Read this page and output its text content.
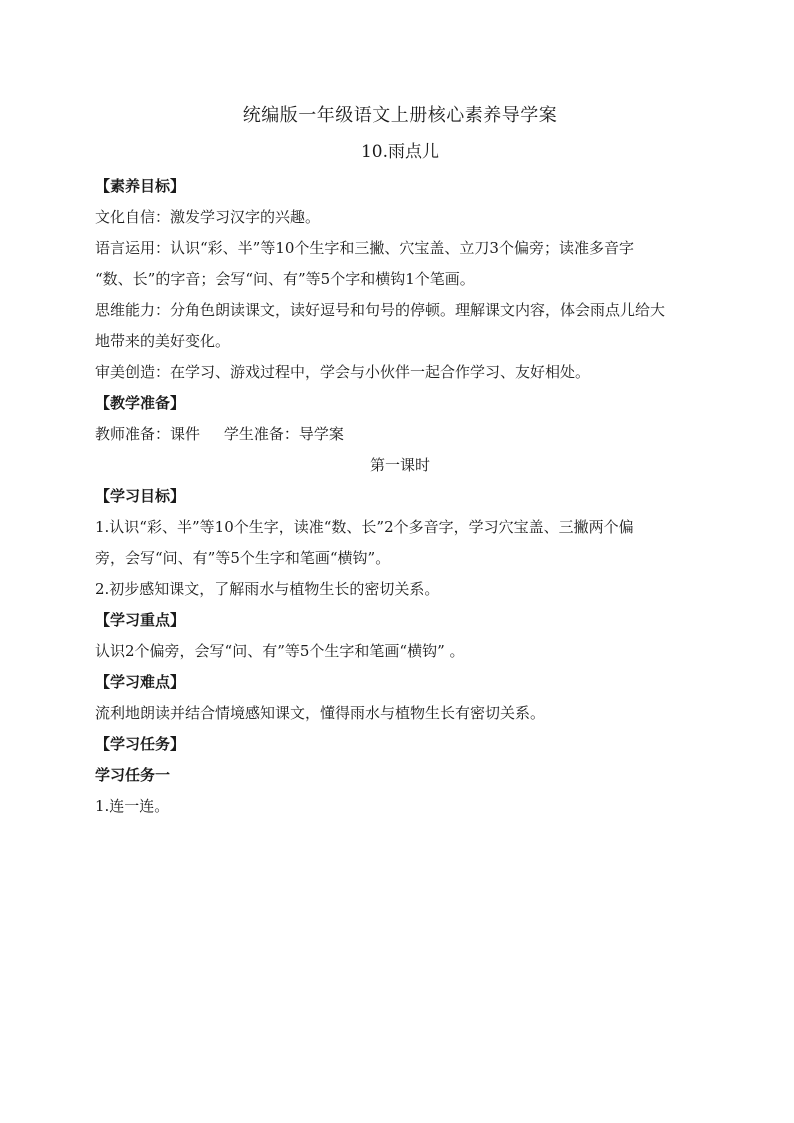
统编版一年级语文上册核心素养导学案

10.雨点儿

【素养目标】

文化自信：激发学习汉字的兴趣。

语言运用：认识“彩、半”等10个生字和三撇、穴宝盖、立刀3个偏旁；读准多音字

“数、长”的字音；会写“问、有”等5个字和横钩1个笔画。

思维能力：分角色朗读课文，读好逗号和句号的停顿。理解课文内容，体会雨点儿给大

地带来的美好变化。

审美创造：在学习、游戏过程中，学会与小伙伴一起合作学习、友好相处。

【教学准备】

教师准备：课件     学生准备：导学案

第一课时

【学习目标】

1.认识“彩、半”等10个生字，读准“数、长”2个多音字，学习穴宝盖、三撇两个偏

旁，会写“问、有”等5个生字和笔画“横钩”。

2.初步感知课文，了解雨水与植物生长的密切关系。

【学习重点】

认识2个偏旁，会写“问、有”等5个生字和笔画“横钩” 。

【学习难点】

流利地朗读并结合情境感知课文，懂得雨水与植物生长有密切关系。

【学习任务】

学习任务一

1.连一连。
